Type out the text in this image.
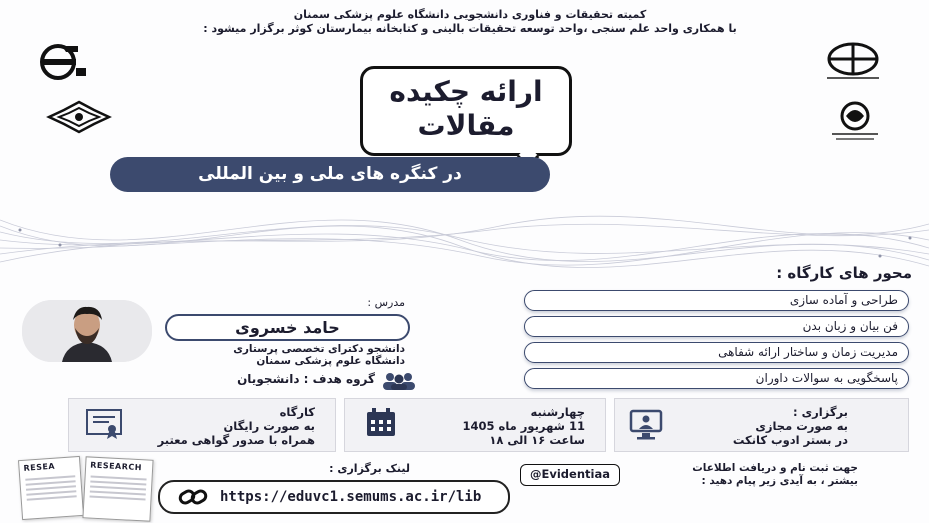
کمیته تحقیقات و فناوری دانشجویی دانشگاه علوم پزشکی سمنان
با همکاری واحد علم سنجی ،واحد توسعه تحقیقات بالینی و کتابخانه بیمارستان کوثر برگزار میشود :
ارائه چکیده
مقالات
در کنگره های ملی و بین المللی
محور های کارگاه :
طراحی و آماده سازی
فن بیان و زبان بدن
مدیریت زمان و ساختار ارائه شفاهی
پاسخگویی به سوالات داوران
مدرس :
حامد خسروی
دانشجو دکترای تخصصی پرستاری
دانشگاه علوم پزشکی سمنان
گروه هدف : دانشجویان
برگزاری :
به صورت مجازی
در بستر ادوب کانکت
چهارشنبه
11 شهریور ماه 1405
ساعت ۱۶ الی ۱۸
کارگاه
به صورت رایگان
همراه با صدور گواهی معتبر
جهت ثبت نام و دریافت اطلاعات
بیشتر ، به آیدی زیر پیام دهید :
@Evidentiaa
لینک برگزاری :
https://eduvc1.semums.ac.ir/lib
RESEA	RESEARCH
